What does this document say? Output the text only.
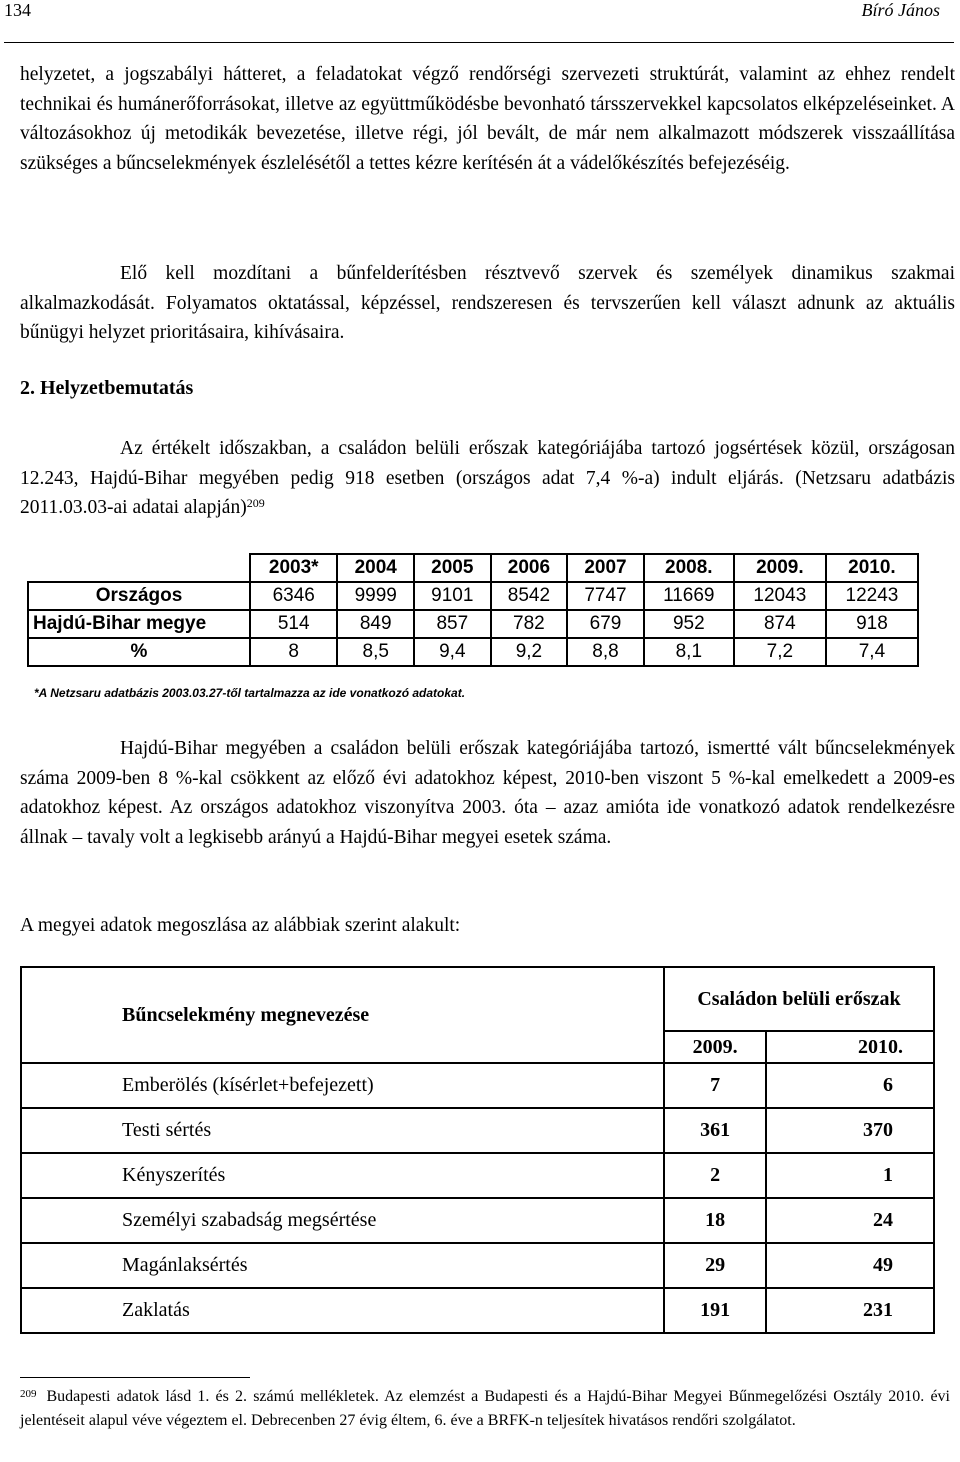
134	Bíró János
helyzetet, a jogszabályi hátteret, a feladatokat végző rendőrségi szervezeti struktúrát, valamint az ehhez rendelt technikai és humánerőforrásokat, illetve az együttműködésbe bevonható társszervekkel kapcsolatos elképzeléseinket. A változásokhoz új metodikák bevezetése, illetve régi, jól bevált, de már nem alkalmazott módszerek visszaállítása szükséges a bűncselekmények észlelésétől a tettes kézre kerítésén át a vádelőkészítés befejezéséig.
Elő kell mozdítani a bűnfelderítésben résztvevő szervek és személyek dinamikus szakmai alkalmazkodását. Folyamatos oktatással, képzéssel, rendszeresen és tervszerűen kell választ adnunk az aktuális bűnügyi helyzet prioritásaira, kihívásaira.
2. Helyzetbemutatás
Az értékelt időszakban, a családon belüli erőszak kategóriájába tartozó jogsértések közül, országosan 12.243, Hajdú-Bihar megyében pedig 918 esetben (országos adat 7,4 %-a) indult eljárás. (Netzsaru adatbázis 2011.03.03-ai adatai alapján)$^{209}$
	2003*	2004	2005	2006	2007	2008.	2009.	2010.
Országos	6346	9999	9101	8542	7747	11669	12043	12243
Hajdú-Bihar megye	514	849	857	782	679	952	874	918
%	8	8,5	9,4	9,2	8,8	8,1	7,2	7,4
*A Netzsaru adatbázis 2003.03.27-től tartalmazza az ide vonatkozó adatokat.
Hajdú-Bihar megyében a családon belüli erőszak kategóriájába tartozó, ismertté vált bűncselekmények száma 2009-ben 8 %-kal csökkent az előző évi adatokhoz képest, 2010-ben viszont 5 %-kal emelkedett a 2009-es adatokhoz képest. Az országos adatokhoz viszonyítva 2003. óta – azaz amióta ide vonatkozó adatok rendelkezésre állnak – tavaly volt a legkisebb arányú a Hajdú-Bihar megyei esetek száma.
A megyei adatok megoszlása az alábbiak szerint alakult:
Bűncselekmény megnevezése	Családon belüli erőszak	
	2009.	2010.
Emberölés (kísérlet+befejezett)	7	6
Testi sértés	361	370
Kényszerítés	2	1
Személyi szabadság megsértése	18	24
Magánlaksértés	29	49
Zaklatás	191	231
$^{209}$ Budapesti adatok lásd 1. és 2. számú mellékletek. Az elemzést a Budapesti és a Hajdú-Bihar Megyei Bűnmegelőzési Osztály 2010. évi jelentéseit alapul véve végeztem el. Debrecenben 27 évig éltem, 6. éve a BRFK-n teljesítek hivatásos rendőri szolgálatot.
